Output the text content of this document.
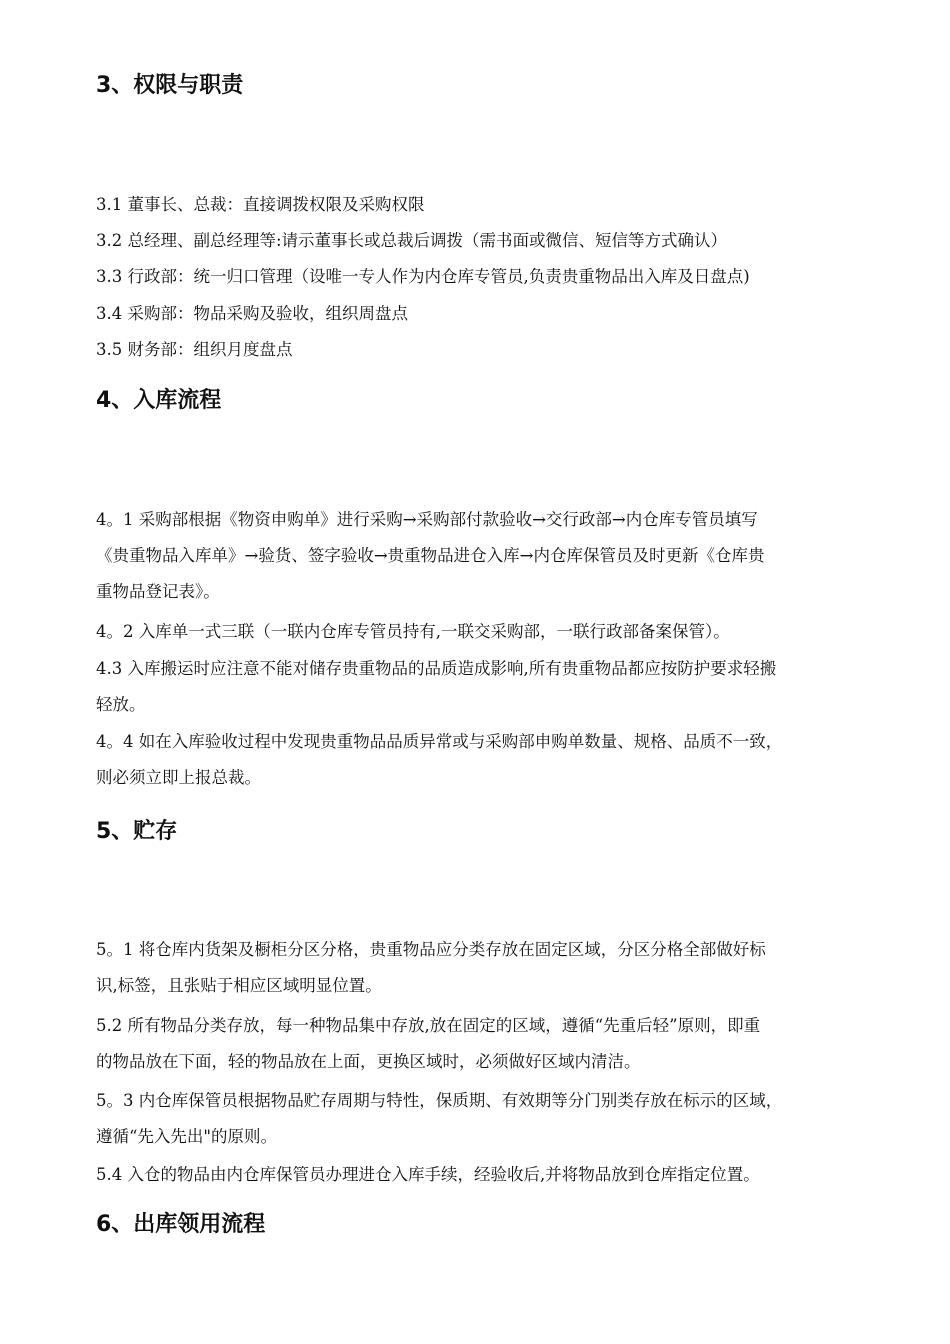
3、权限与职责

3.1 董事长、总裁：直接调拨权限及采购权限

3.2 总经理、副总经理等:请示董事长或总裁后调拨（需书面或微信、短信等方式确认）

3.3 行政部：统一归口管理（设唯一专人作为内仓库专管员,负责贵重物品出入库及日盘点)

3.4 采购部：物品采购及验收，组织周盘点

3.5 财务部：组织月度盘点

4、入库流程

4。1 采购部根据《物资申购单》进行采购→采购部付款验收→交行政部→内仓库专管员填写
《贵重物品入库单》→验货、签字验收→贵重物品进仓入库→内仓库保管员及时更新《仓库贵
重物品登记表》。

4。2 入库单一式三联（一联内仓库专管员持有,一联交采购部，一联行政部备案保管）。

4.3 入库搬运时应注意不能对储存贵重物品的品质造成影响,所有贵重物品都应按防护要求轻搬
轻放。

4。4 如在入库验收过程中发现贵重物品品质异常或与采购部申购单数量、规格、品质不一致，
则必须立即上报总裁。

5、贮存

5。1 将仓库内货架及橱柜分区分格，贵重物品应分类存放在固定区域，分区分格全部做好标
识,标签，且张贴于相应区域明显位置。

5.2 所有物品分类存放，每一种物品集中存放,放在固定的区域，遵循“先重后轻”原则，即重
的物品放在下面，轻的物品放在上面，更换区域时，必须做好区域内清洁。

5。3 内仓库保管员根据物品贮存周期与特性，保质期、有效期等分门别类存放在标示的区域，
遵循“先入先出"的原则。

5.4 入仓的物品由内仓库保管员办理进仓入库手续，经验收后,并将物品放到仓库指定位置。

6、出库领用流程
